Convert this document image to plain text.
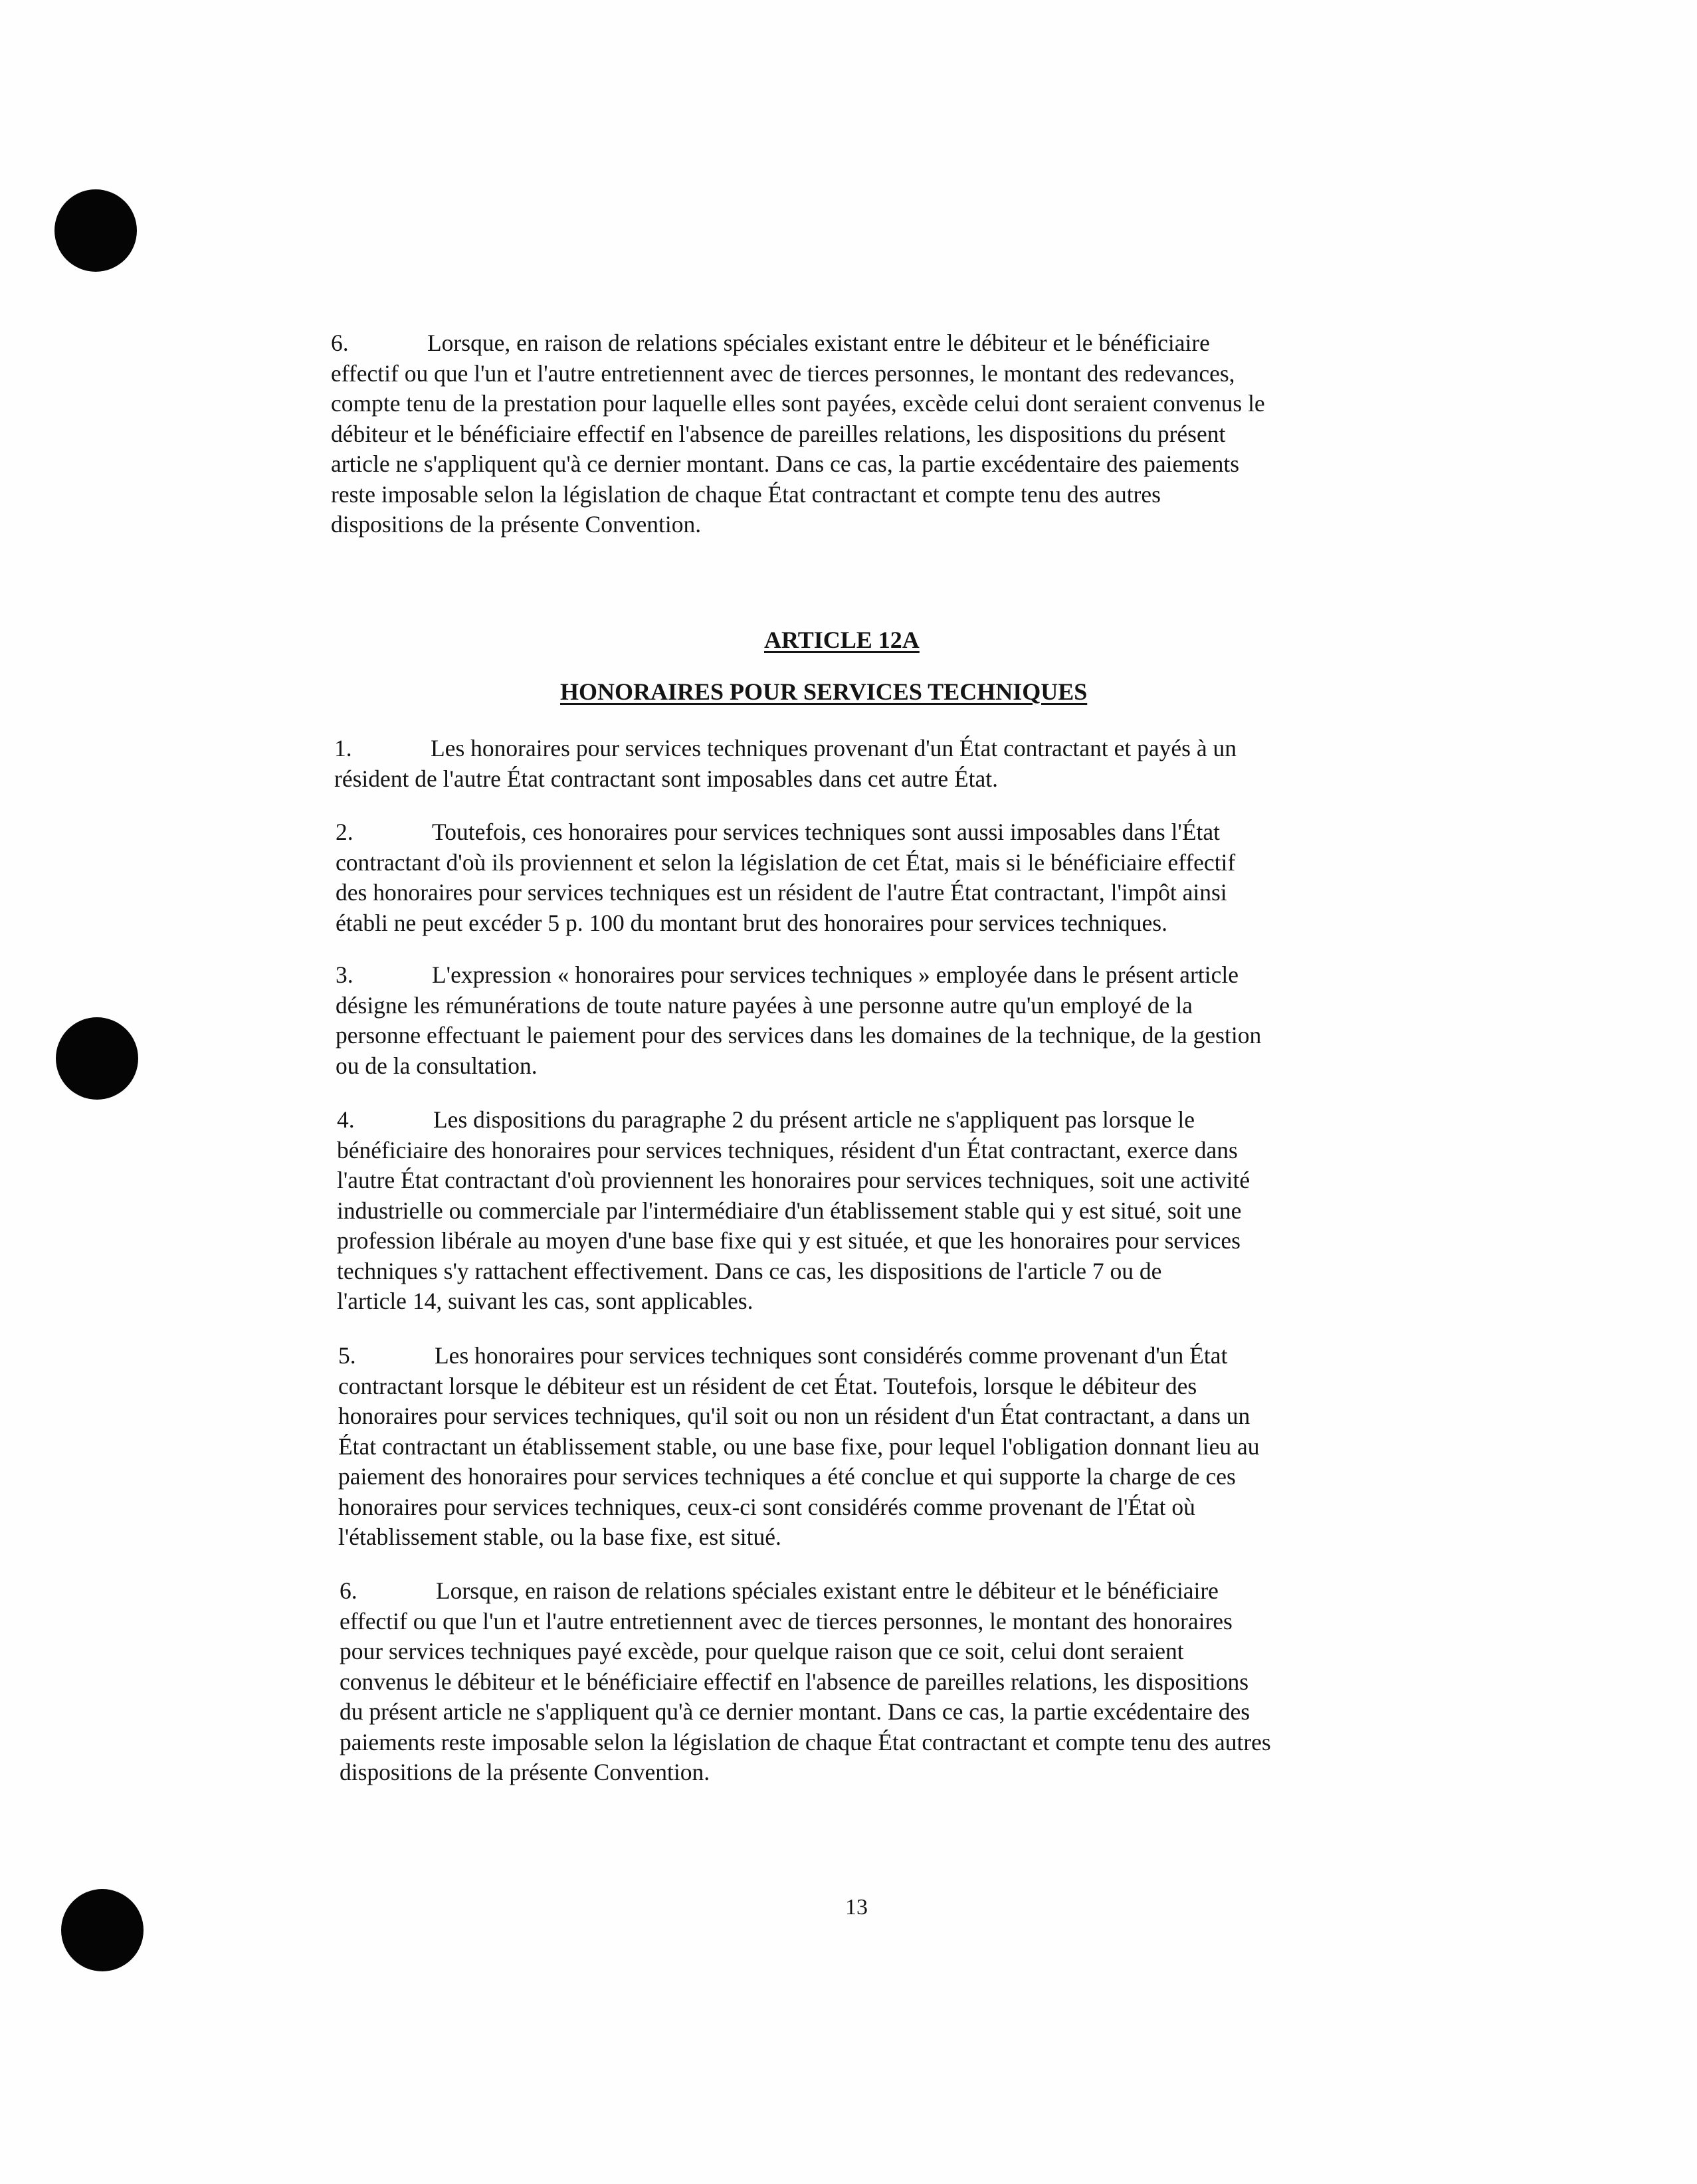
6.	Lorsque, en raison de relations spéciales existant entre le débiteur et le bénéficiaire
effectif ou que l'un et l'autre entretiennent avec de tierces personnes, le montant des redevances,
compte tenu de la prestation pour laquelle elles sont payées, excède celui dont seraient convenus le
débiteur et le bénéficiaire effectif en l'absence de pareilles relations, les dispositions du présent
article ne s'appliquent qu'à ce dernier montant. Dans ce cas, la partie excédentaire des paiements
reste imposable selon la législation de chaque État contractant et compte tenu des autres
dispositions de la présente Convention.

ARTICLE 12A

HONORAIRES POUR SERVICES TECHNIQUES

1.	Les honoraires pour services techniques provenant d'un État contractant et payés à un
résident de l'autre État contractant sont imposables dans cet autre État.
2.	Toutefois, ces honoraires pour services techniques sont aussi imposables dans l'État
contractant d'où ils proviennent et selon la législation de cet État, mais si le bénéficiaire effectif
des honoraires pour services techniques est un résident de l'autre État contractant, l'impôt ainsi
établi ne peut excéder 5 p. 100 du montant brut des honoraires pour services techniques.
3.	L'expression « honoraires pour services techniques » employée dans le présent article
désigne les rémunérations de toute nature payées à une personne autre qu'un employé de la
personne effectuant le paiement pour des services dans les domaines de la technique, de la gestion
ou de la consultation.
4.	Les dispositions du paragraphe 2 du présent article ne s'appliquent pas lorsque le
bénéficiaire des honoraires pour services techniques, résident d'un État contractant, exerce dans
l'autre État contractant d'où proviennent les honoraires pour services techniques, soit une activité
industrielle ou commerciale par l'intermédiaire d'un établissement stable qui y est situé, soit une
profession libérale au moyen d'une base fixe qui y est située, et que les honoraires pour services
techniques s'y rattachent effectivement. Dans ce cas, les dispositions de l'article 7 ou de
l'article 14, suivant les cas, sont applicables.
5.	Les honoraires pour services techniques sont considérés comme provenant d'un État
contractant lorsque le débiteur est un résident de cet État. Toutefois, lorsque le débiteur des
honoraires pour services techniques, qu'il soit ou non un résident d'un État contractant, a dans un
État contractant un établissement stable, ou une base fixe, pour lequel l'obligation donnant lieu au
paiement des honoraires pour services techniques a été conclue et qui supporte la charge de ces
honoraires pour services techniques, ceux-ci sont considérés comme provenant de l'État où
l'établissement stable, ou la base fixe, est situé.
6.	Lorsque, en raison de relations spéciales existant entre le débiteur et le bénéficiaire
effectif ou que l'un et l'autre entretiennent avec de tierces personnes, le montant des honoraires
pour services techniques payé excède, pour quelque raison que ce soit, celui dont seraient
convenus le débiteur et le bénéficiaire effectif en l'absence de pareilles relations, les dispositions
du présent article ne s'appliquent qu'à ce dernier montant. Dans ce cas, la partie excédentaire des
paiements reste imposable selon la législation de chaque État contractant et compte tenu des autres
dispositions de la présente Convention.

13
